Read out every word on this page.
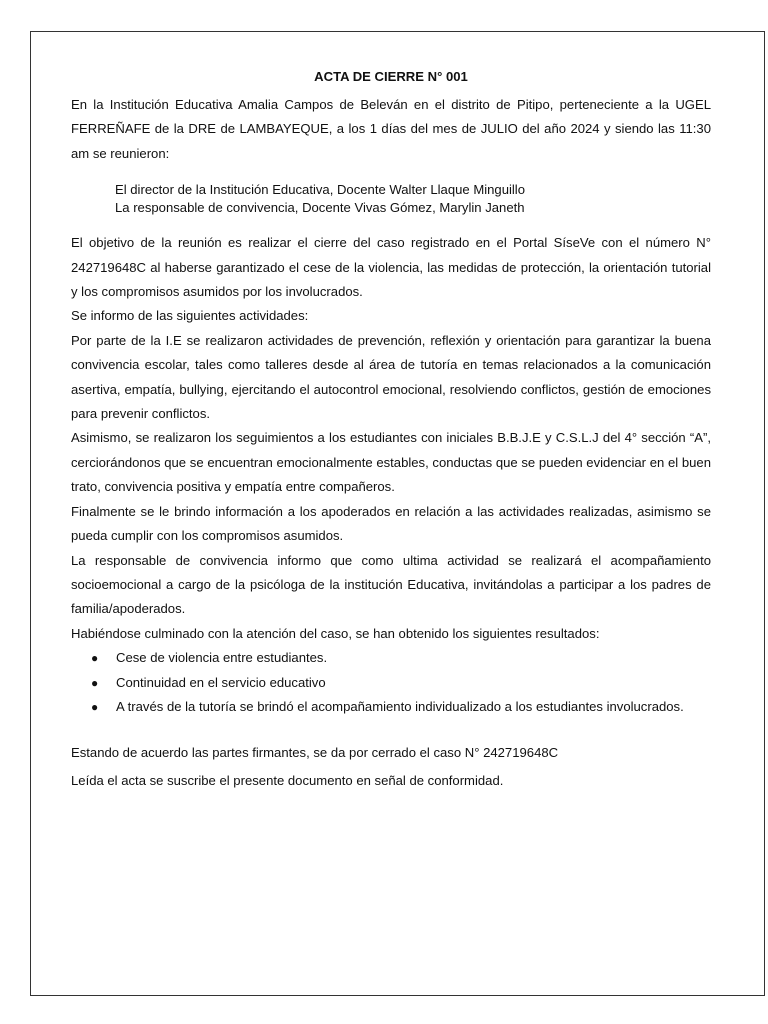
ACTA DE CIERRE N° 001

En la Institución Educativa Amalia Campos de Beleván en el distrito de Pitipo, perteneciente a la UGEL FERREÑAFE de la DRE de LAMBAYEQUE, a los 1 días del mes de JULIO del año 2024 y siendo las 11:30 am se reunieron:

El director de la Institución Educativa, Docente Walter Llaque Minguillo
La responsable de convivencia, Docente Vivas Gómez, Marylin Janeth

El objetivo de la reunión es realizar el cierre del caso registrado en el Portal SíseVe con el número N° 242719648C al haberse garantizado el cese de la violencia, las medidas de protección, la orientación tutorial y los compromisos asumidos por los involucrados.

Se informo de las siguientes actividades:

Por parte de la I.E se realizaron actividades de prevención, reflexión y orientación para garantizar la buena convivencia escolar, tales como talleres desde al área de tutoría en temas relacionados a la comunicación asertiva, empatía, bullying, ejercitando el autocontrol emocional, resolviendo conflictos, gestión de emociones para prevenir conflictos.

Asimismo, se realizaron los seguimientos a los estudiantes con iniciales B.B.J.E y C.S.L.J del 4° sección “A”, cerciorándonos que se encuentran emocionalmente estables, conductas que se pueden evidenciar en el buen trato, convivencia positiva y empatía entre compañeros.

Finalmente se le brindo información a los apoderados en relación a las actividades realizadas, asimismo se pueda cumplir con los compromisos asumidos.

La responsable de convivencia informo que como ultima actividad se realizará el acompañamiento socioemocional a cargo de la psicóloga de la institución Educativa, invitándolas a participar a los padres de familia/apoderados.

Habiéndose culminado con la atención del caso, se han obtenido los siguientes resultados:

● Cese de violencia entre estudiantes.
● Continuidad en el servicio educativo
● A través de la tutoría se brindó el acompañamiento individualizado a los estudiantes involucrados.

Estando de acuerdo las partes firmantes, se da por cerrado el caso N° 242719648C

Leída el acta se suscribe el presente documento en señal de conformidad.
